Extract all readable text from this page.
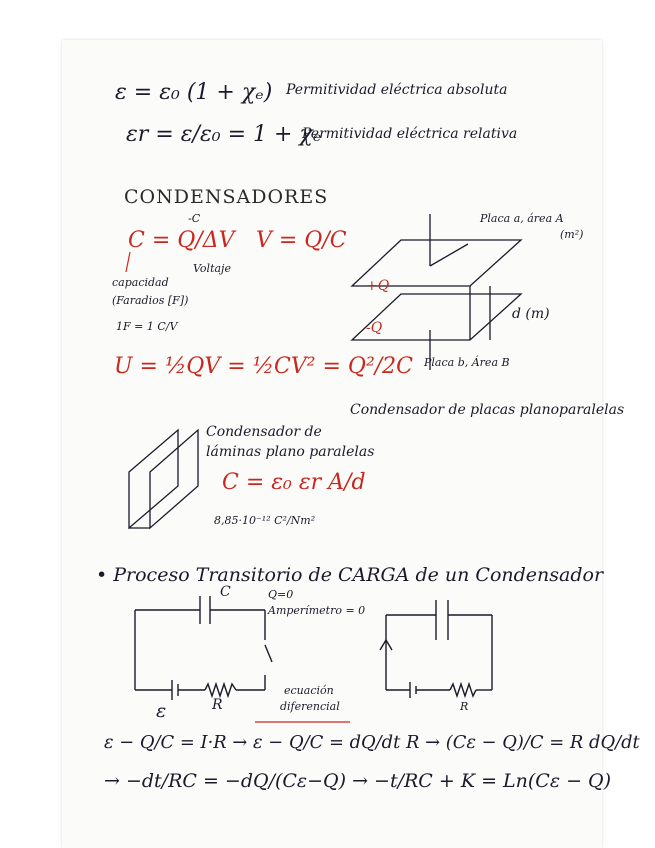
ε = ε₀ (1 + χₑ) Permitividad eléctrica absoluta
εr = ε/ε₀ = 1 + χₑ
Permitividad eléctrica relativa
CONDENSADORES
-C
C = Q/ΔV
Voltaje
V = Q/C
capacidad
(Faradios [F])
1F = 1 C/V
U = ½QV = ½CV² = Q²/2C
Placa a, área A
(m²)
+Q
-Q
d (m)
Placa b, Área B
Condensador de placas planoparalelas
Condensador de
láminas plano paralelas
C = ε₀ εr A/d
8,85·10⁻¹² C²/Nm²
• Proceso Transitorio de CARGA de un Condensador
C	Q=0
Amperímetro = 0
ε	R	R
ecuación
diferencial
ε − Q/C = I·R → ε − Q/C = dQ/dt R → (Cε − Q)/C = R dQ/dt
→ −dt/RC = −dQ/(Cε−Q) → −t/RC + K = Ln(Cε − Q)
